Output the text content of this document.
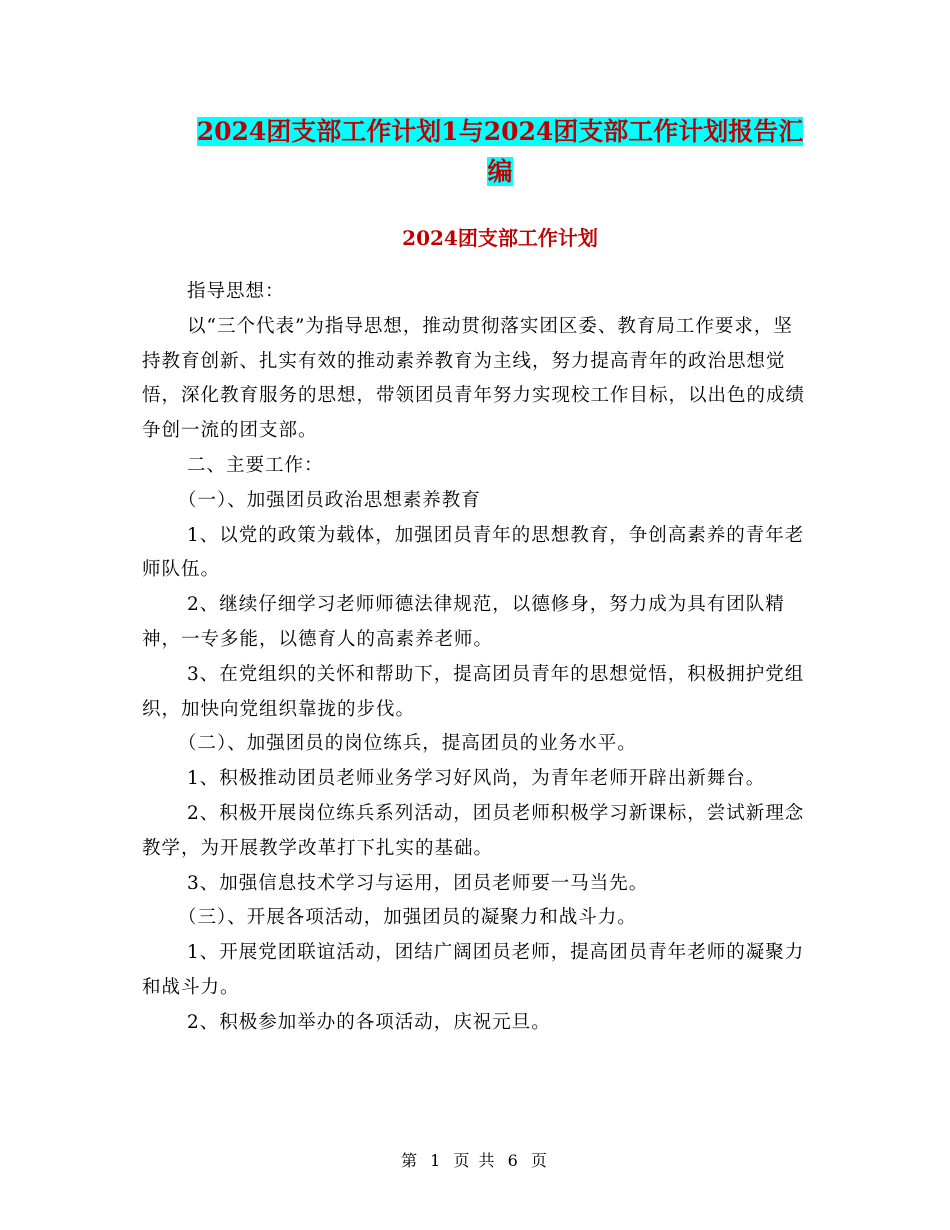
2024团支部工作计划1与2024团支部工作计划报告汇
编
2024团支部工作计划

指导思想：

以“三个代表”为指导思想，推动贯彻落实团区委、教育局工作要求，坚持教育创新、扎实有效的推动素养教育为主线，努力提高青年的政治思想觉悟，深化教育服务的思想，带领团员青年努力实现校工作目标，以出色的成绩争创一流的团支部。

二、主要工作：

（一）、加强团员政治思想素养教育

1、以党的政策为载体，加强团员青年的思想教育，争创高素养的青年老师队伍。

2、继续仔细学习老师师德法律规范，以德修身，努力成为具有团队精神，一专多能，以德育人的高素养老师。

3、在党组织的关怀和帮助下，提高团员青年的思想觉悟，积极拥护党组织，加快向党组织靠拢的步伐。

（二）、加强团员的岗位练兵，提高团员的业务水平。

1、积极推动团员老师业务学习好风尚，为青年老师开辟出新舞台。

2、积极开展岗位练兵系列活动，团员老师积极学习新课标，尝试新理念教学，为开展教学改革打下扎实的基础。

3、加强信息技术学习与运用，团员老师要一马当先。

（三）、开展各项活动，加强团员的凝聚力和战斗力。

1、开展党团联谊活动，团结广阔团员老师，提高团员青年老师的凝聚力和战斗力。

2、积极参加举办的各项活动，庆祝元旦。

第 1 页 共 6 页
